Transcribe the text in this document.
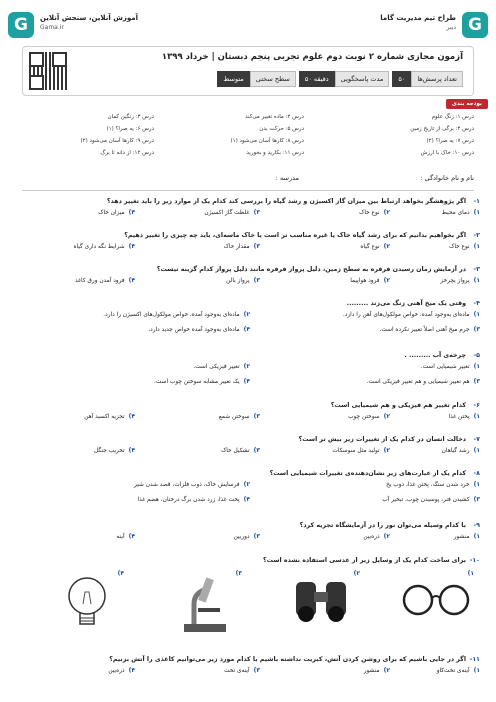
G
طراح تیم مدیریت گاما
دبیر
G	آموزش آنلاین، سنجش آنلاین
Gama.ir
آزمون مجازی شماره ۲ نوبت دوم علوم تجربی پنجم دبستان | خرداد ۱۳۹۹
تعداد پرسش‌ها
۵۰
مدت پاسخگویی
۵۰ دقیقه
سطح سختی
متوسط
بودجه بندی
درس ۱: زنگ علوم
درس ۲: ماده تغییر می‌کند
درس ۳: رنگین کمان
درس ۴: برگی از تاریخ زمین
درس ۵: حرکت بدن
درس ۶: یه صرا؟ (۱)
درس ۷: یه صرا؟ (۲)
درس ۸: کارها آسان می‌شود (۱)
درس ۹: کارها آسان می‌شود (۲)
درس ۱۰: خاک با ارزش
درس ۱۱: بکارید و بخورید
درس ۱۲: از دانه تا برگ
نام و نام خانوادگی :
مدرسه :
۱-
اگر پژوهشگر بخواهد ارتباط بین میزان گاز اکسیژن و رشد گیاه را بررسی کند کدام یک از موارد زیر را باید تغییر دهد؟
۱)
دمای محیط
۲)
نوع خاک
۳)
غلظت گاز اکسیژن
۴)
میزان خاک
۲-
اگر بخواهیم بدانیم که برای رشد گیاه خاک یا غیره مناسب تر است یا خاک ماسه‌ای، باید چه چیزی را تغییر دهیم؟
۱)
نوع خاک
۲)
نوع گیاه
۳)
مقدار خاک
۴)
شرایط نگه داری گیاه
۳-
در آزمایش زمان رسیدن فرفره به سطح زمین، دلیل پرواز فرفره مانند دلیل پرواز کدام گزینه نیست؟
۱)
پرواز بچرخز
۲)
فرود هواپیما
۳)
پرواز بالن
۴)
فرود آمدن ورق کاغذ
۴-
وقتی یک میخ آهنی زنگ می‌زند .........
۱)
ماده‌ای به‌وجود آمده، خواص مولکول‌های آهن را دارد.
۲)
ماده‌ای به‌وجود آمده، خواص مولکول‌های اکسیژن را دارد.
۳)
جرم میخ آهنی اصلاً تغییر نکرده است.
۴)
ماده‌ای به‌وجود آمده خواص جدید دارد.
۵-
چرخه‌ی آب ......... .
۱)
تغییر شیمیایی است.
۲)
تغییر فیزیکی است.
۳)
هم تغییر شیمیایی و هم تغییر فیزیکی است.
۴)
یک تغییر مشابه سوختن چوب است.
۶-
کدام تغییر هم فیزیکی و هم شیمیایی است؟
۱)
پختن غذا
۲)
سوختن چوب
۳)
سوختن شمع
۴)
تجزیه اکسید آهن
۷-
دخالت انسان در کدام یک از تغییرات زیر بیش تر است؟
۱)
رشد گیاهان
۲)
تولید مثل سوسکات
۳)
تشکیل خاک
۴)
تخریب جنگل
۸-
کدام یک از عبارت‌های زیر نشان‌دهنده‌ی تغییرات شیمیایی است؟
۱)
خرد شدن سنگ، پختن غذا، ذوب یخ
۲)
فرسایش خاک، ذوب فلزات، قصد شدن شیر
۳)
کشیدن فنر، پوسیدن چوب، تبخیر آب
۴)
پخت غذا، زرد شدن برگ درختان، هضم غذا
۹-
با کدام وسیله می‌توان نور را در آزمایشگاه تجزیه کرد؟
۱)
منشور
۲)
ذره‌بین
۳)
دوربین
۴)
آینه
۱۰-
برای ساخت کدام یک از وسایل زیر از عدسی استفاده نشده است؟
۱)
۲)
۳)
۴)
۱۱-
اگر در جایی باشیم که برای روشن کردن آتش، کبریت نداشته باشیم با کدام مورد زیر می‌توانیم کاغذی را آتش بزنیم؟
۱)
آینه‌ی تخت‌کاو
۲)
منشور
۳)
آینه‌ی تخت
۴)
ذره‌بین
